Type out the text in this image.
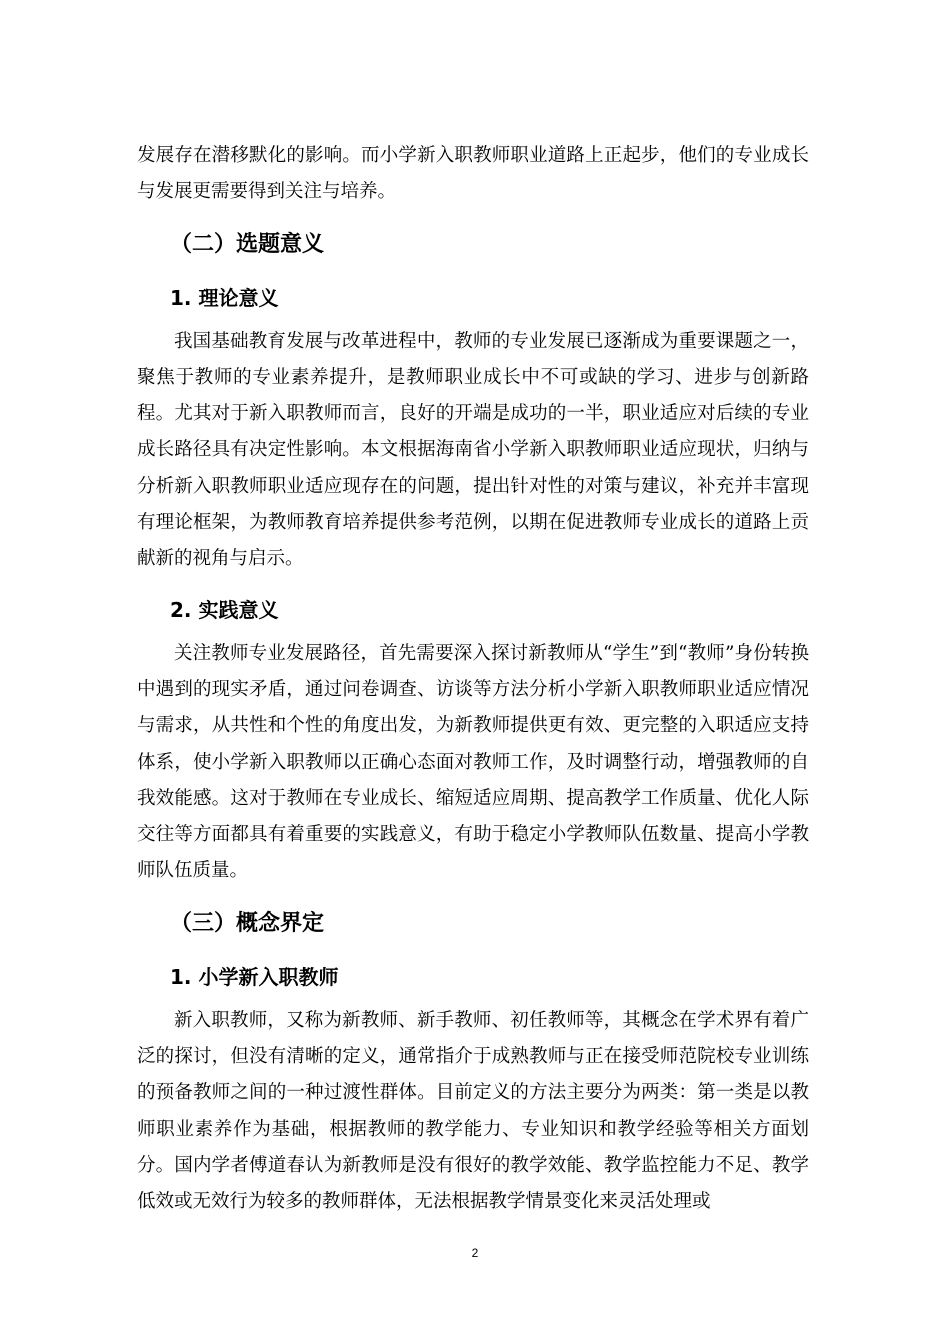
发展存在潜移默化的影响。而小学新入职教师职业道路上正起步，他们的专业成长与发展更需要得到关注与培养。

（二）选题意义
1. 理论意义

我国基础教育发展与改革进程中，教师的专业发展已逐渐成为重要课题之一，聚焦于教师的专业素养提升，是教师职业成长中不可或缺的学习、进步与创新路程。尤其对于新入职教师而言，良好的开端是成功的一半，职业适应对后续的专业成长路径具有决定性影响。本文根据海南省小学新入职教师职业适应现状，归纳与分析新入职教师职业适应现存在的问题，提出针对性的对策与建议，补充并丰富现有理论框架，为教师教育培养提供参考范例，以期在促进教师专业成长的道路上贡献新的视角与启示。

2. 实践意义

关注教师专业发展路径，首先需要深入探讨新教师从“学生”到“教师”身份转换中遇到的现实矛盾，通过问卷调查、访谈等方法分析小学新入职教师职业适应情况与需求，从共性和个性的角度出发，为新教师提供更有效、更完整的入职适应支持体系，使小学新入职教师以正确心态面对教师工作，及时调整行动，增强教师的自我效能感。这对于教师在专业成长、缩短适应周期、提高教学工作质量、优化人际交往等方面都具有着重要的实践意义，有助于稳定小学教师队伍数量、提高小学教师队伍质量。

（三）概念界定
1. 小学新入职教师

新入职教师，又称为新教师、新手教师、初任教师等，其概念在学术界有着广泛的探讨，但没有清晰的定义，通常指介于成熟教师与正在接受师范院校专业训练的预备教师之间的一种过渡性群体。目前定义的方法主要分为两类：第一类是以教师职业素养作为基础，根据教师的教学能力、专业知识和教学经验等相关方面划分。国内学者傅道春认为新教师是没有很好的教学效能、教学监控能力不足、教学低效或无效行为较多的教师群体，无法根据教学情景变化来灵活处理或

2
